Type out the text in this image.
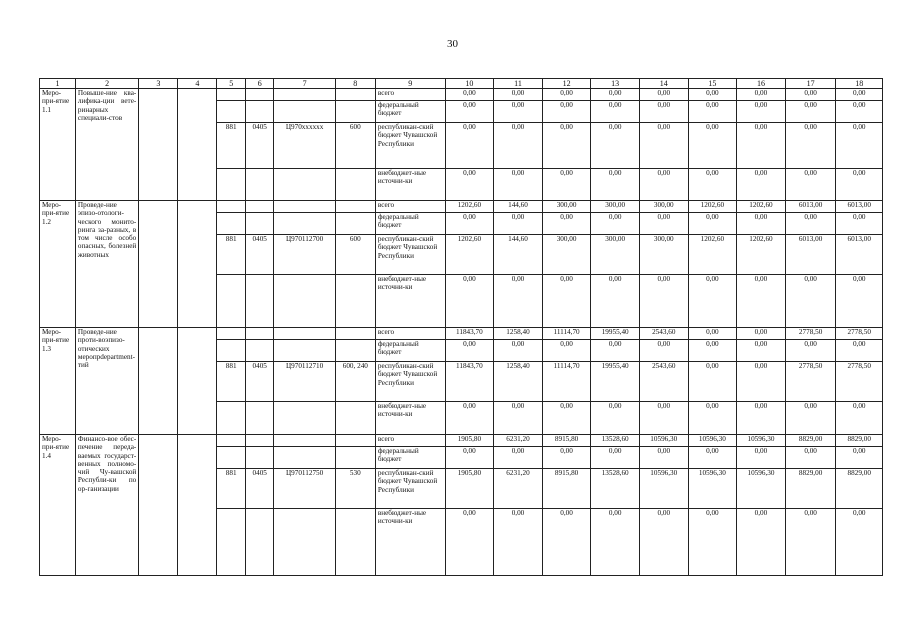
30
1	2	3	4	5	6	7	8	9	10	11	12	13	14	15	16	17	18
Меро-при-ятие 1.1	Повыше-ние ква-лифика-ции вете-ринарных специали-стов							всего	0,00	0,00	0,00	0,00	0,00	0,00	0,00	0,00	0,00
								федеральный бюджет	0,00	0,00	0,00	0,00	0,00	0,00	0,00	0,00	0,00
				881	0405	Ц970xxxxxx	600	республикан-ский бюджет Чувашской Республики	0,00	0,00	0,00	0,00	0,00	0,00	0,00	0,00	0,00
								внебюджет-ные источни-ки	0,00	0,00	0,00	0,00	0,00	0,00	0,00	0,00	0,00
Меро-при-ятие 1.2	Проведе-ние эпизо-отологи-ческого монито-ринга за-разных, в том числе особо опасных, болезней животных							всего	1202,60	144,60	300,00	300,00	300,00	1202,60	1202,60	6013,00	6013,00
								федеральный бюджет	0,00	0,00	0,00	0,00	0,00	0,00	0,00	0,00	0,00
				881	0405	Ц970112700	600	республикан-ский бюджет Чувашской Республики	1202,60	144,60	300,00	300,00	300,00	1202,60	1202,60	6013,00	6013,00
								внебюджет-ные источни-ки	0,00	0,00	0,00	0,00	0,00	0,00	0,00	0,00	0,00
Меро-при-ятие 1.3	Проведе-ние проти-воэпизо-отических меропрdepartment-тий							всего	11843,70	1258,40	11114,70	19955,40	2543,60	0,00	0,00	2778,50	2778,50
								федеральный бюджет	0,00	0,00	0,00	0,00	0,00	0,00	0,00	0,00	0,00
				881	0405	Ц970112710	600, 240	республикан-ский бюджет Чувашской Республики	11843,70	1258,40	11114,70	19955,40	2543,60	0,00	0,00	2778,50	2778,50
								внебюджет-ные источни-ки	0,00	0,00	0,00	0,00	0,00	0,00	0,00	0,00	0,00
Меро-при-ятие 1.4	Финансо-вое обес-печение переда-ваемых государст-венных полномо-чий Чу-вашской Республи-ки по ор-ганизации							всего	1905,80	6231,20	8915,80	13528,60	10596,30	10596,30	10596,30	8829,00	8829,00
								федеральный бюджет	0,00	0,00	0,00	0,00	0,00	0,00	0,00	0,00	0,00
				881	0405	Ц970112750	530	республикан-ский бюджет Чувашской Республики	1905,80	6231,20	8915,80	13528,60	10596,30	10596,30	10596,30	8829,00	8829,00
								внебюджет-ные источни-ки	0,00	0,00	0,00	0,00	0,00	0,00	0,00	0,00	0,00
